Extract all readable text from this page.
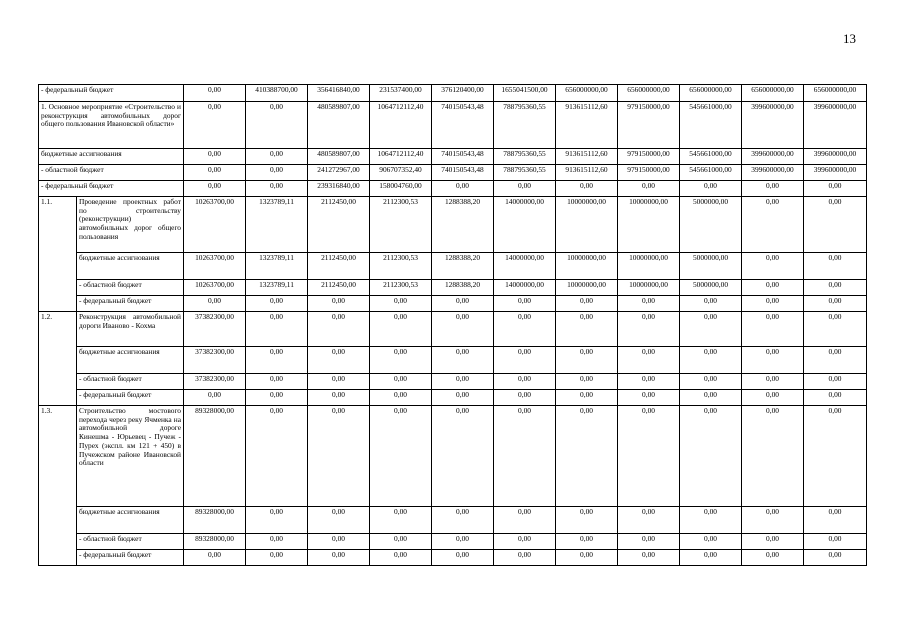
13
- федеральный бюджет		0,00	410388700,00	356416840,00	231537400,00	376120400,00	1655041500,00	656000000,00	656000000,00	656000000,00	656000000,00	656000000,00
1. Основное мероприятие «Строительство и реконструкция автомобильных дорог общего пользования Ивановской области»		0,00	0,00	480589807,00	1064712112,40	740150543,48	788795360,55	913615112,60	979150000,00	545661000,00	399600000,00	399600000,00
бюджетные ассигнования		0,00	0,00	480589807,00	1064712112,40	740150543,48	788795360,55	913615112,60	979150000,00	545661000,00	399600000,00	399600000,00
- областной бюджет		0,00	0,00	241272967,00	906707352,40	740150543,48	788795360,55	913615112,60	979150000,00	545661000,00	399600000,00	399600000,00
- федеральный бюджет		0,00	0,00	239316840,00	158004760,00	0,00	0,00	0,00	0,00	0,00	0,00	0,00
1.1.	Проведение проектных работ по строительству (реконструкции) автомобильных дорог общего пользования	10263700,00	1323789,11	2112450,00	2112300,53	1288388,20	14000000,00	10000000,00	10000000,00	5000000,00	0,00	0,00
	бюджетные ассигнования	10263700,00	1323789,11	2112450,00	2112300,53	1288388,20	14000000,00	10000000,00	10000000,00	5000000,00	0,00	0,00
	- областной бюджет	10263700,00	1323789,11	2112450,00	2112300,53	1288388,20	14000000,00	10000000,00	10000000,00	5000000,00	0,00	0,00
	- федеральный бюджет	0,00	0,00	0,00	0,00	0,00	0,00	0,00	0,00	0,00	0,00	0,00
1.2.	Реконструкция автомобильной дороги Иваново - Кохма	37382300,00	0,00	0,00	0,00	0,00	0,00	0,00	0,00	0,00	0,00	0,00
	бюджетные ассигнования	37382300,00	0,00	0,00	0,00	0,00	0,00	0,00	0,00	0,00	0,00	0,00
	- областной бюджет	37382300,00	0,00	0,00	0,00	0,00	0,00	0,00	0,00	0,00	0,00	0,00
	- федеральный бюджет	0,00	0,00	0,00	0,00	0,00	0,00	0,00	0,00	0,00	0,00	0,00
1.3.	Строительство мостового перехода через реку Ячменка на автомобильной дороге Кинешма - Юрьевец - Пучеж - Пурех (экспл. км 121 + 450) в Пучежском районе Ивановской области	89328000,00	0,00	0,00	0,00	0,00	0,00	0,00	0,00	0,00	0,00	0,00
	бюджетные ассигнования	89328000,00	0,00	0,00	0,00	0,00	0,00	0,00	0,00	0,00	0,00	0,00
	- областной бюджет	89328000,00	0,00	0,00	0,00	0,00	0,00	0,00	0,00	0,00	0,00	0,00
	- федеральный бюджет	0,00	0,00	0,00	0,00	0,00	0,00	0,00	0,00	0,00	0,00	0,00
